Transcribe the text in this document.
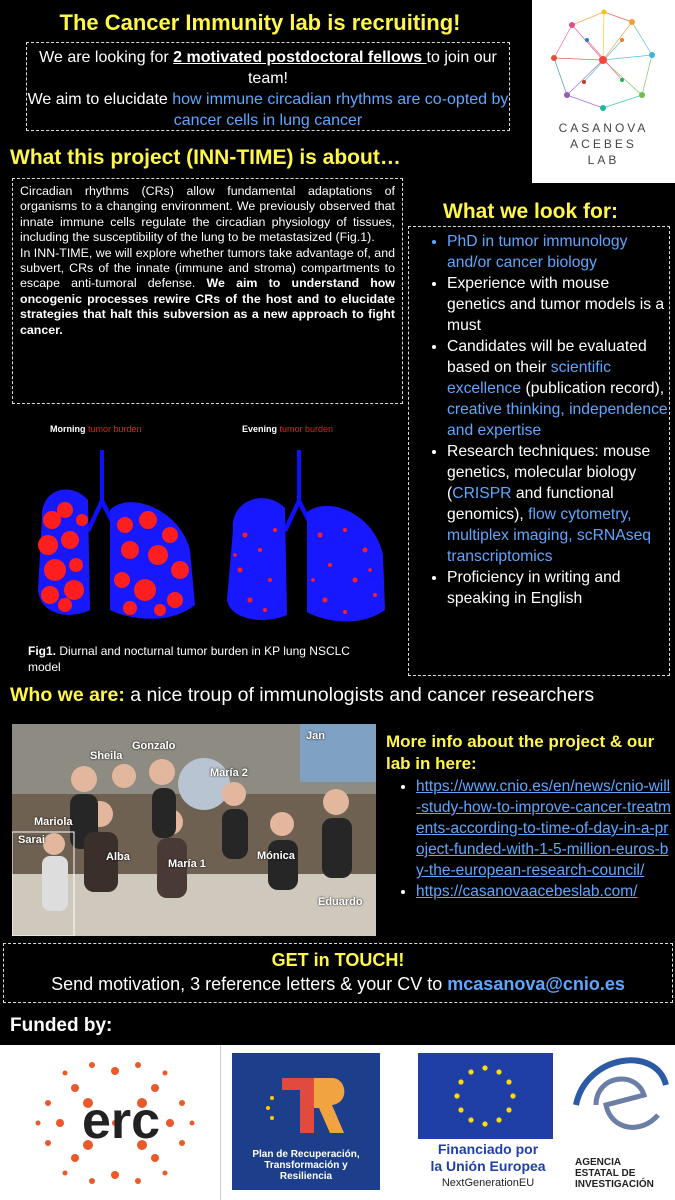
The Cancer Immunity lab is recruiting!
We are looking for 2 motivated postdoctoral fellows to join our team!
We aim to elucidate how immune circadian rhythms are co-opted by cancer cells in lung cancer	CASANOVA
ACEBES
LAB
What this project (INN-TIME) is about…

Circadian rhythms (CRs) allow fundamental adaptations of organisms to a changing environment. We previously observed that innate immune cells regulate the circadian physiology of tissues, including the susceptibility of the lung to be metastasized (Fig.1).

In INN-TIME, we will explore whether tumors take advantage of, and subvert, CRs of the innate (immune and stroma) compartments to escape anti-tumoral defense. We aim to understand how oncogenic processes rewire CRs of the host and to elucidate strategies that halt this subversion as a new approach to fight cancer.

Morning tumor burden	Evening tumor burden
Fig1. Diurnal and nocturnal tumor burden in KP lung NSCLC model
What we look for:
• PhD in tumor immunology and/or cancer biology
• Experience with mouse genetics and tumor models is a must
• Candidates will be evaluated based on their scientific excellence (publication record), creative thinking, independence and expertise
• Research techniques: mouse genetics, molecular biology (CRISPR and functional genomics), flow cytometry, multiplex imaging, scRNAseq transcriptomics
• Proficiency in writing and speaking in English
Who we are: a nice troup of immunologists and cancer researchers
Sheila
Gonzalo
Jan
María 2
Mariola
Sarai
Alba
María 1
Mónica
Eduardo
More info about the project & our lab in here:
• https://www.cnio.es/en/news/cnio-will-study-how-to-improve-cancer-treatments-according-to-time-of-day-in-a-project-funded-with-1-5-million-euros-by-the-european-research-council/
• https://casanovaacebeslab.com/
GET in TOUCH!
Send motivation, 3 reference letters & your CV to mcasanova@cnio.es
Funded by:
erc
Plan de Recuperación,
Transformación y
Resiliencia
Financiado por
la Unión Europea
NextGenerationEU
AGENCIA
ESTATAL DE
INVESTIGACIÓN
